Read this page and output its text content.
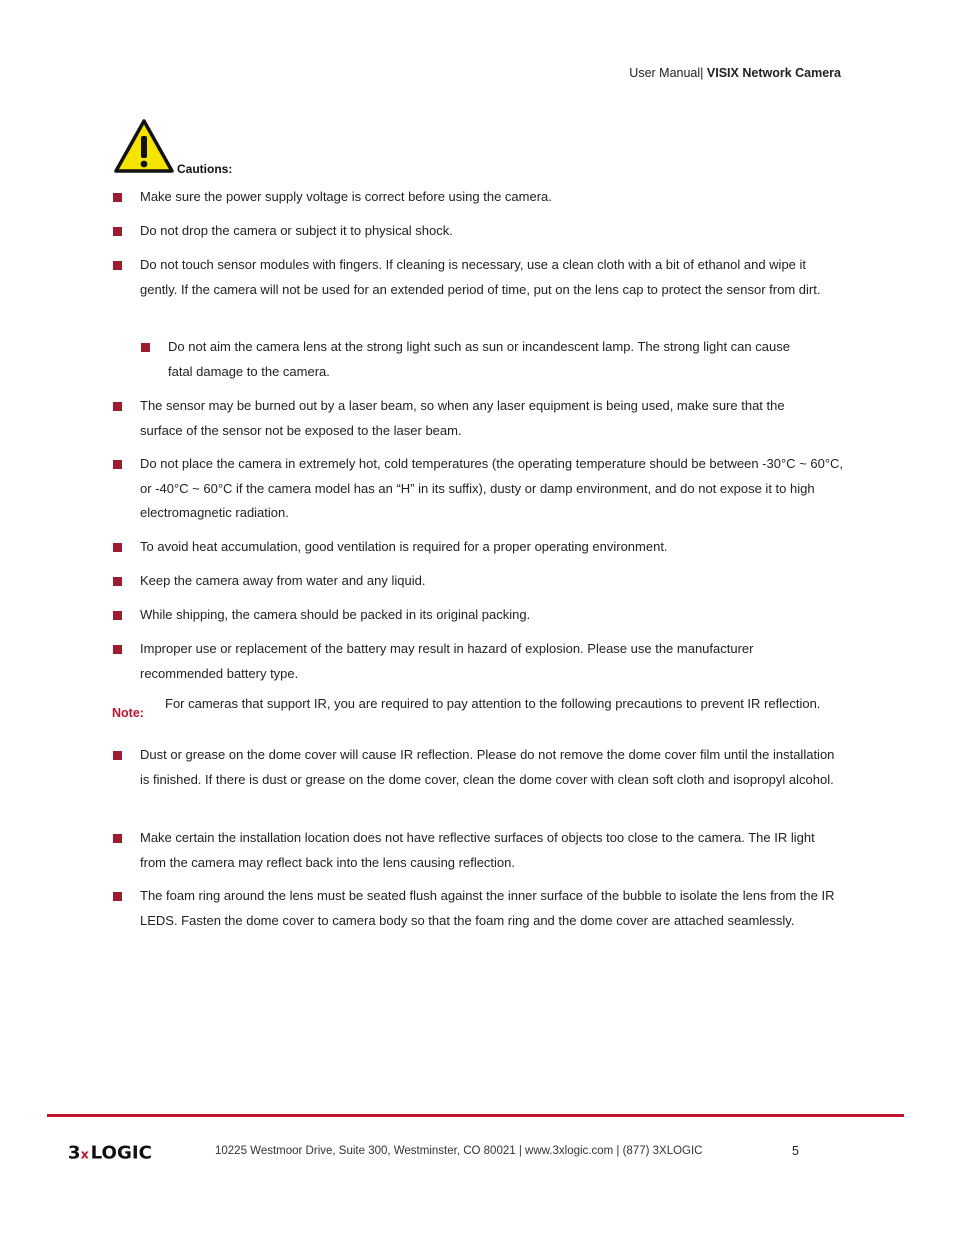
User Manual| VISIX Network Camera
Cautions:
Make sure the power supply voltage is correct before using the camera.
Do not drop the camera or subject it to physical shock.
Do not touch sensor modules with fingers. If cleaning is necessary, use a clean cloth with a bit of ethanol and wipe it gently. If the camera will not be used for an extended period of time, put on the lens cap to protect the sensor from dirt.
Do not aim the camera lens at the strong light such as sun or incandescent lamp. The strong light can cause fatal damage to the camera.
The sensor may be burned out by a laser beam, so when any laser equipment is being used, make sure that the surface of the sensor not be exposed to the laser beam.
Do not place the camera in extremely hot, cold temperatures (the operating temperature should be between -30°C ~ 60°C, or -40°C ~ 60°C if the camera model has an “H” in its suffix), dusty or damp environment, and do not expose it to high electromagnetic radiation.
To avoid heat accumulation, good ventilation is required for a proper operating environment.
Keep the camera away from water and any liquid.
While shipping, the camera should be packed in its original packing.
Improper use or replacement of the battery may result in hazard of explosion. Please use the manufacturer recommended battery type.
Note:
For cameras that support IR, you are required to pay attention to the following precautions to prevent IR reflection.
Dust or grease on the dome cover will cause IR reflection. Please do not remove the dome cover film until the installation is finished. If there is dust or grease on the dome cover, clean the dome cover with clean soft cloth and isopropyl alcohol.
Make certain the installation location does not have reflective surfaces of objects too close to the camera. The IR light from the camera may reflect back into the lens causing reflection.
The foam ring around the lens must be seated flush against the inner surface of the bubble to isolate the lens from the IR LEDS. Fasten the dome cover to camera body so that the foam ring and the dome cover are attached seamlessly.
3 x LOGIC	10225 Westmoor Drive, Suite 300, Westminster, CO 80021 | www.3xlogic.com | (877) 3XLOGIC	5
